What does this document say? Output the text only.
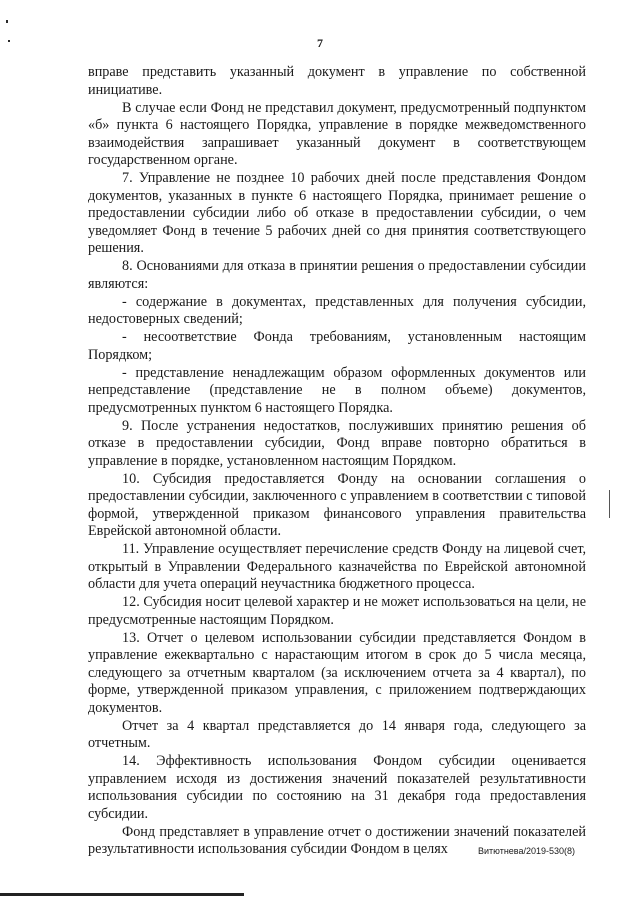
7

вправе представить указанный документ в управление по собственной инициативе.

В случае если Фонд не представил документ, предусмотренный подпунктом «б» пункта 6 настоящего Порядка, управление в порядке межведомственного взаимодействия запрашивает указанный документ в соответствующем государственном органе.

7. Управление не позднее 10 рабочих дней после представления Фондом документов, указанных в пункте 6 настоящего Порядка, принимает решение о предоставлении субсидии либо об отказе в предоставлении субсидии, о чем уведомляет Фонд в течение 5 рабочих дней со дня принятия соответствующего решения.

8. Основаниями для отказа в принятии решения о предоставлении субсидии являются:

- содержание в документах, представленных для получения субсидии, недостоверных сведений;

- несоответствие Фонда требованиям, установленным настоящим Порядком;

- представление ненадлежащим образом оформленных документов или непредставление (представление не в полном объеме) документов, предусмотренных пунктом 6 настоящего Порядка.

9. После устранения недостатков, послуживших принятию решения об отказе в предоставлении субсидии, Фонд вправе повторно обратиться в управление в порядке, установленном настоящим Порядком.

10. Субсидия предоставляется Фонду на основании соглашения о предоставлении субсидии, заключенного с управлением в соответствии с типовой формой, утвержденной приказом финансового управления правительства Еврейской автономной области.

11. Управление осуществляет перечисление средств Фонду на лицевой счет, открытый в Управлении Федерального казначейства по Еврейской автономной области для учета операций неучастника бюджетного процесса.

12. Субсидия носит целевой характер и не может использоваться на цели, не предусмотренные настоящим Порядком.

13. Отчет о целевом использовании субсидии представляется Фондом в управление ежеквартально с нарастающим итогом в срок до 5 числа месяца, следующего за отчетным кварталом (за исключением отчета за 4 квартал), по форме, утвержденной приказом управления, с приложением подтверждающих документов.

Отчет за 4 квартал представляется до 14 января года, следующего за отчетным.

14. Эффективность использования Фондом субсидии оценивается управлением исходя из достижения значений показателей результативности использования субсидии по состоянию на 31 декабря года предоставления субсидии.

Фонд представляет в управление отчет о достижении значений показателей результативности использования субсидии Фондом в целях	Витютнева/2019-530(8)
